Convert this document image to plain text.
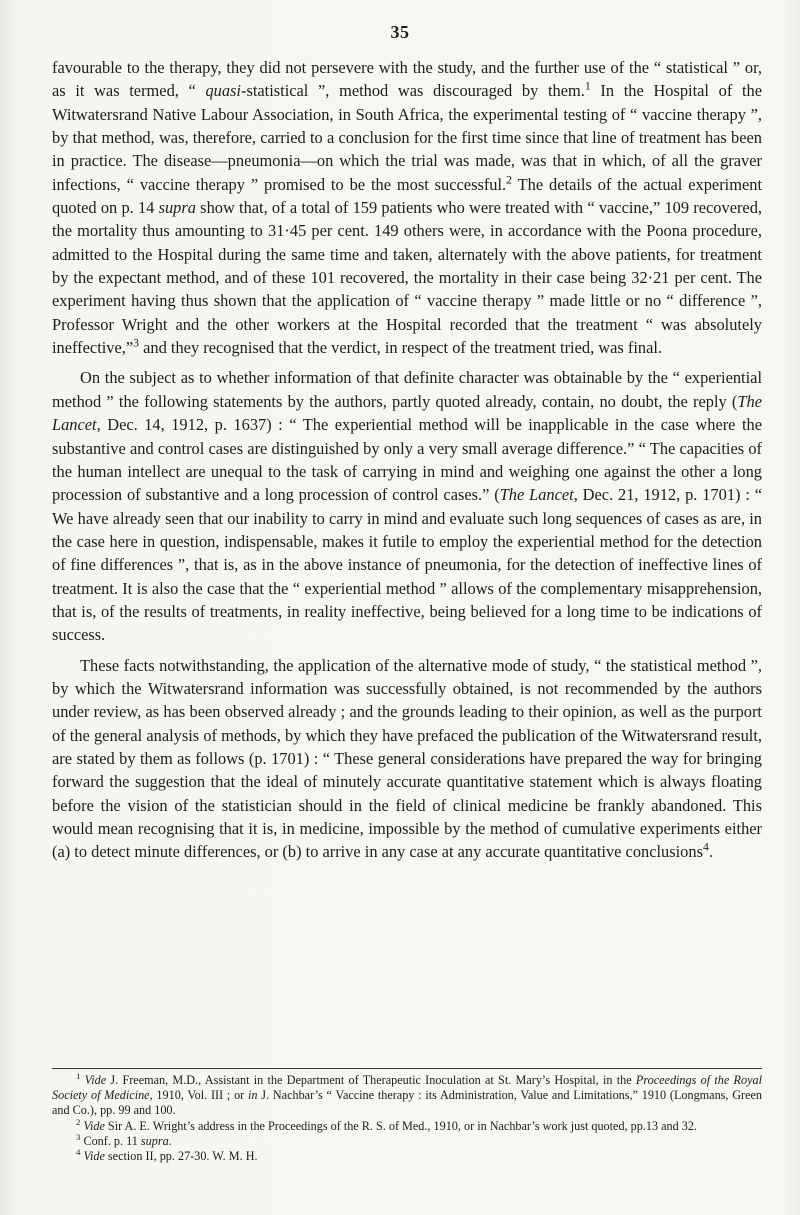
35

favourable to the therapy, they did not persevere with the study, and the further use of the “ statistical ” or, as it was termed, “ quasi-statistical ”, method was discouraged by them.$^1$ In the Hospital of the Witwatersrand Native Labour Association, in South Africa, the experimental testing of “ vaccine therapy ”, by that method, was, therefore, carried to a conclusion for the first time since that line of treatment has been in practice. The disease—pneumonia—on which the trial was made, was that in which, of all the graver infections, “ vaccine therapy ” promised to be the most successful.$^2$ The details of the actual experiment quoted on p. 14 supra show that, of a total of 159 patients who were treated with “ vaccine,” 109 recovered, the mortality thus amounting to 31·45 per cent. 149 others were, in accordance with the Poona procedure, admitted to the Hospital during the same time and taken, alternately with the above patients, for treatment by the expectant method, and of these 101 recovered, the mortality in their case being 32·21 per cent. The experiment having thus shown that the application of “ vaccine therapy ” made little or no “ difference ”, Professor Wright and the other workers at the Hospital recorded that the treatment “ was absolutely ineffective,”$^3$ and they recognised that the verdict, in respect of the treatment tried, was final.

On the subject as to whether information of that definite character was obtainable by the “ experiential method ” the following statements by the authors, partly quoted already, contain, no doubt, the reply (The Lancet, Dec. 14, 1912, p. 1637) : “ The experiential method will be inapplicable in the case where the substantive and control cases are distinguished by only a very small average difference.” “ The capacities of the human intellect are unequal to the task of carrying in mind and weighing one against the other a long procession of substantive and a long procession of control cases.” (The Lancet, Dec. 21, 1912, p. 1701) : “ We have already seen that our inability to carry in mind and evaluate such long sequences of cases as are, in the case here in question, indispensable, makes it futile to employ the experiential method for the detection of fine differences ”, that is, as in the above instance of pneumonia, for the detection of ineffective lines of treatment. It is also the case that the “ experiential method ” allows of the complementary misapprehension, that is, of the results of treatments, in reality ineffective, being believed for a long time to be indications of success.

These facts notwithstanding, the application of the alternative mode of study, “ the statistical method ”, by which the Witwatersrand information was successfully obtained, is not recommended by the authors under review, as has been observed already ; and the grounds leading to their opinion, as well as the purport of the general analysis of methods, by which they have prefaced the publication of the Witwatersrand result, are stated by them as follows (p. 1701) : “ These general considerations have prepared the way for bringing forward the suggestion that the ideal of minutely accurate quantitative statement which is always floating before the vision of the statistician should in the field of clinical medicine be frankly abandoned. This would mean recognising that it is, in medicine, impossible by the method of cumulative experiments either (a) to detect minute differences, or (b) to arrive in any case at any accurate quantitative conclusions$^4$.

$^1$ Vide J. Freeman, M.D., Assistant in the Department of Therapeutic Inoculation at St. Mary’s Hospital, in the Proceedings of the Royal Society of Medicine, 1910, Vol. III ; or in J. Nachbar’s “ Vaccine therapy : its Administration, Value and Limitations,” 1910 (Longmans, Green and Co.), pp. 99 and 100.

$^2$ Vide Sir A. E. Wright’s address in the Proceedings of the R. S. of Med., 1910, or in Nachbar’s work just quoted, pp.13 and 32.

$^3$ Conf. p. 11 supra.

$^4$ Vide section II, pp. 27-30. W. M. H.
